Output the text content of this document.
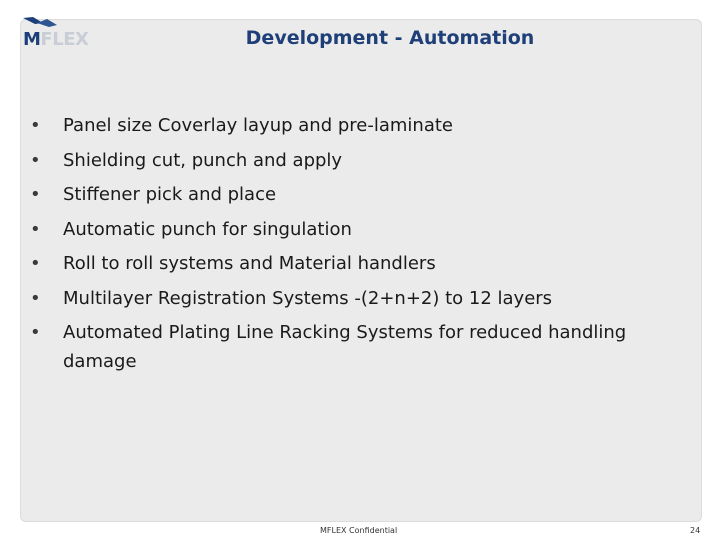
MFLEX	Development - Automation
• Panel size Coverlay layup and pre-laminate
• Shielding cut, punch and apply
• Stiffener pick and place
• Automatic punch for singulation
• Roll to roll systems and Material handlers
• Multilayer Registration Systems -(2+n+2) to 12 layers
• Automated Plating Line Racking Systems for reduced handling damage
MFLEX Confidential	24
